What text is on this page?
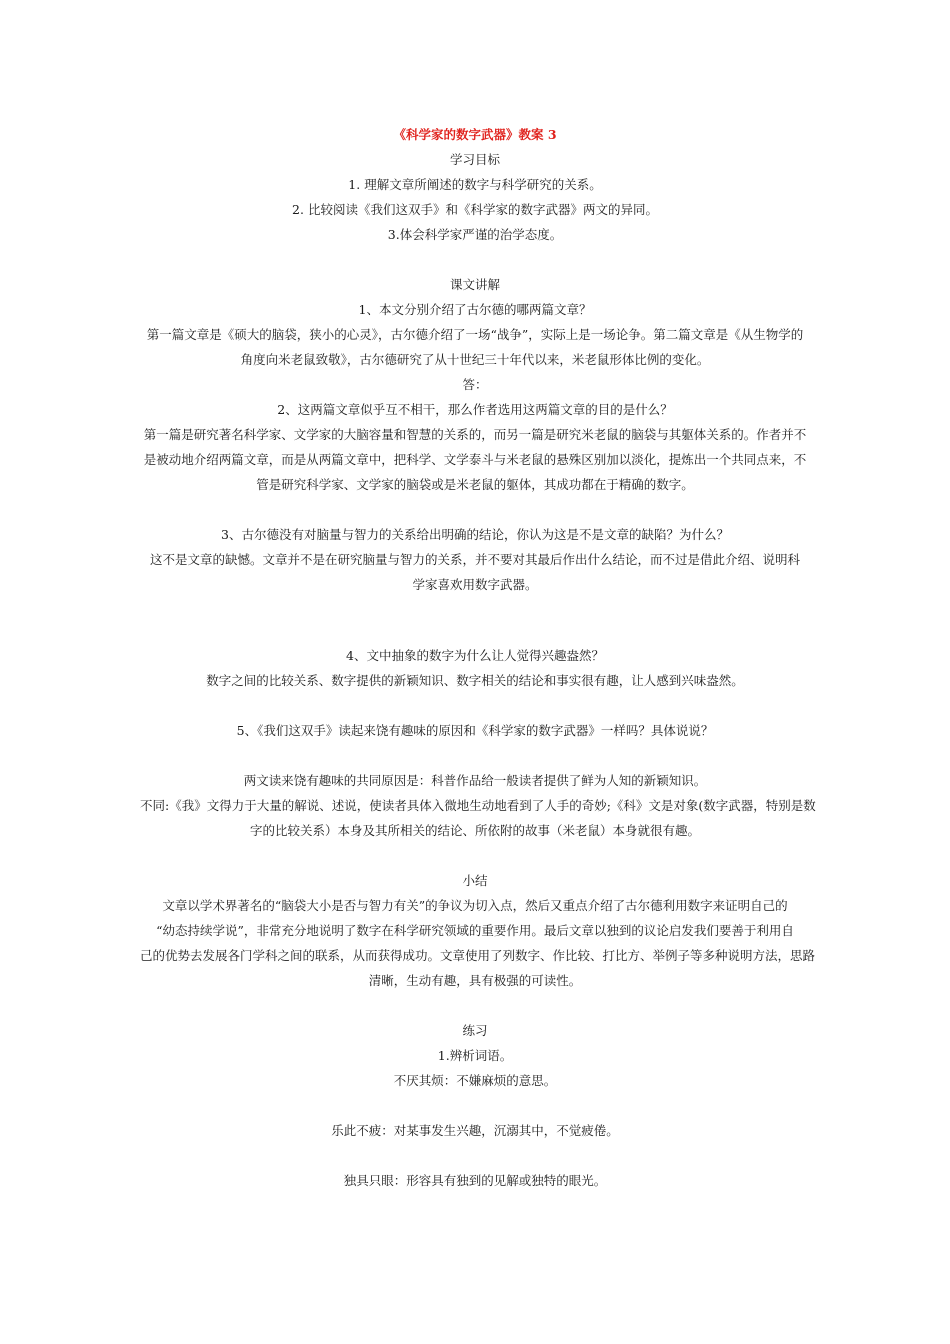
《科学家的数字武器》教案 3
学习目标
1. 理解文章所阐述的数字与科学研究的关系。
2. 比较阅读《我们这双手》和《科学家的数字武器》两文的异同。
3.体会科学家严谨的治学态度。
课文讲解
1、本文分别介绍了古尔德的哪两篇文章？
第一篇文章是《硕大的脑袋，狭小的心灵》，古尔德介绍了一场“战争”，实际上是一场论争。第二篇文章是《从生物学的
角度向米老鼠致敬》，古尔德研究了从十世纪三十年代以来，米老鼠形体比例的变化。
答：
2、这两篇文章似乎互不相干，那么作者选用这两篇文章的目的是什么？
第一篇是研究著名科学家、文学家的大脑容量和智慧的关系的，而另一篇是研究米老鼠的脑袋与其躯体关系的。作者并不
是被动地介绍两篇文章，而是从两篇文章中，把科学、文学泰斗与米老鼠的悬殊区别加以淡化，提炼出一个共同点来，不
管是研究科学家、文学家的脑袋或是米老鼠的躯体，其成功都在于精确的数字。
3、古尔德没有对脑量与智力的关系给出明确的结论，你认为这是不是文章的缺陷？为什么？
这不是文章的缺憾。文章并不是在研究脑量与智力的关系，并不要对其最后作出什么结论，而不过是借此介绍、说明科
学家喜欢用数字武器。
4、文中抽象的数字为什么让人觉得兴趣盎然？
数字之间的比较关系、数字提供的新颖知识、数字相关的结论和事实很有趣，让人感到兴味盎然。
5、《我们这双手》读起来饶有趣味的原因和《科学家的数字武器》一样吗？具体说说？
两文读来饶有趣味的共同原因是：科普作品给一般读者提供了鲜为人知的新颖知识。
不同:《我》文得力于大量的解说、述说，使读者具体入微地生动地看到了人手的奇妙;《科》文是对象(数字武器，特别是数
字的比较关系）本身及其所相关的结论、所依附的故事（米老鼠）本身就很有趣。
小结
文章以学术界著名的“脑袋大小是否与智力有关”的争议为切入点，然后又重点介绍了古尔德利用数字来证明自己的
“幼态持续学说”，非常充分地说明了数字在科学研究领域的重要作用。最后文章以独到的议论启发我们要善于利用自
己的优势去发展各门学科之间的联系，从而获得成功。文章使用了列数字、作比较、打比方、举例子等多种说明方法，思路
清晰，生动有趣，具有极强的可读性。
练习
1.辨析词语。
不厌其烦：不嫌麻烦的意思。
乐此不疲：对某事发生兴趣，沉溺其中，不觉疲倦。
独具只眼：形容具有独到的见解或独特的眼光。
